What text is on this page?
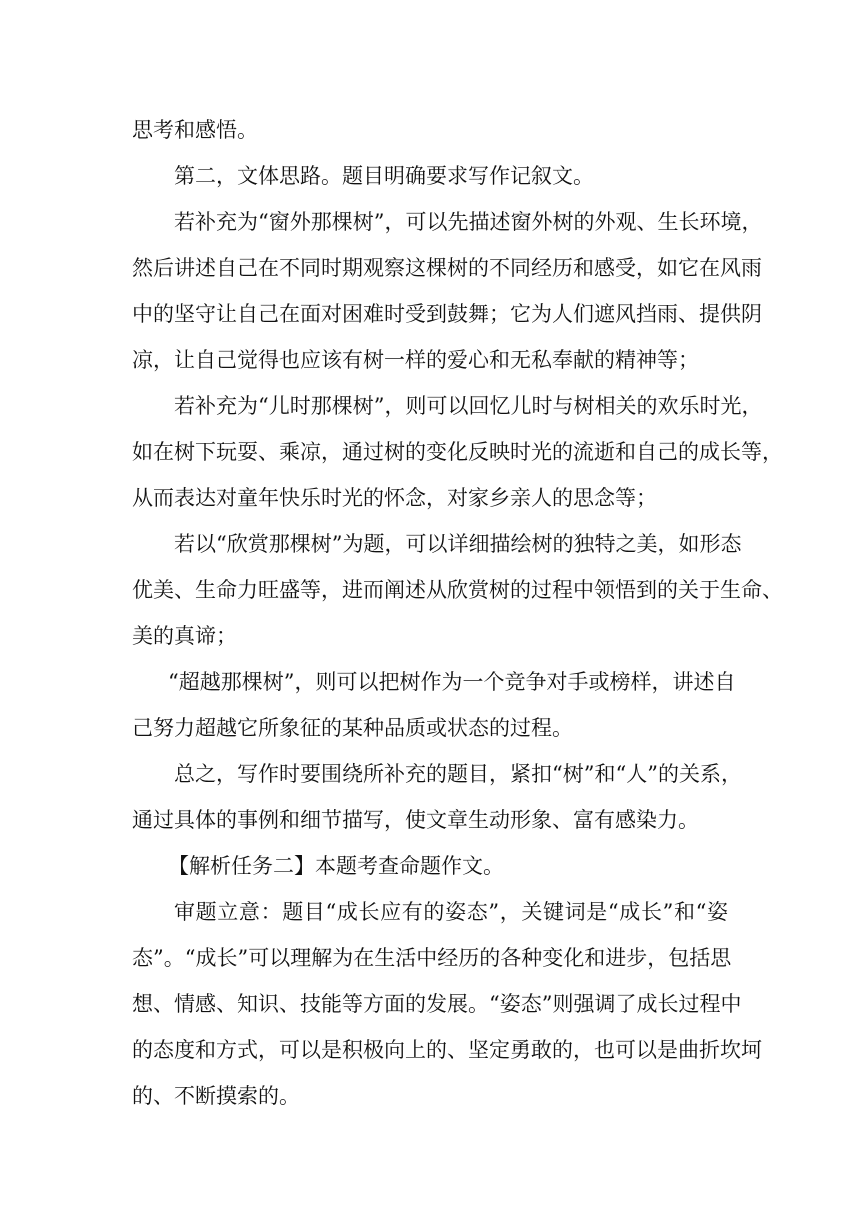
思考和感悟。
第二，文体思路。题目明确要求写作记叙文。
若补充为“窗外那棵树”，可以先描述窗外树的外观、生长环境，
然后讲述自己在不同时期观察这棵树的不同经历和感受，如它在风雨
中的坚守让自己在面对困难时受到鼓舞；它为人们遮风挡雨、提供阴
凉，让自己觉得也应该有树一样的爱心和无私奉献的精神等；
若补充为“儿时那棵树”，则可以回忆儿时与树相关的欢乐时光，
如在树下玩耍、乘凉，通过树的变化反映时光的流逝和自己的成长等，
从而表达对童年快乐时光的怀念，对家乡亲人的思念等；
若以“欣赏那棵树”为题，可以详细描绘树的独特之美，如形态
优美、生命力旺盛等，进而阐述从欣赏树的过程中领悟到的关于生命、
美的真谛；
“超越那棵树”，则可以把树作为一个竞争对手或榜样，讲述自
己努力超越它所象征的某种品质或状态的过程。
总之，写作时要围绕所补充的题目，紧扣“树”和“人”的关系，
通过具体的事例和细节描写，使文章生动形象、富有感染力。
【解析任务二】本题考查命题作文。
审题立意：题目“成长应有的姿态”，关键词是“成长”和“姿
态”。“成长”可以理解为在生活中经历的各种变化和进步，包括思
想、情感、知识、技能等方面的发展。“姿态”则强调了成长过程中
的态度和方式，可以是积极向上的、坚定勇敢的，也可以是曲折坎坷
的、不断摸索的。
